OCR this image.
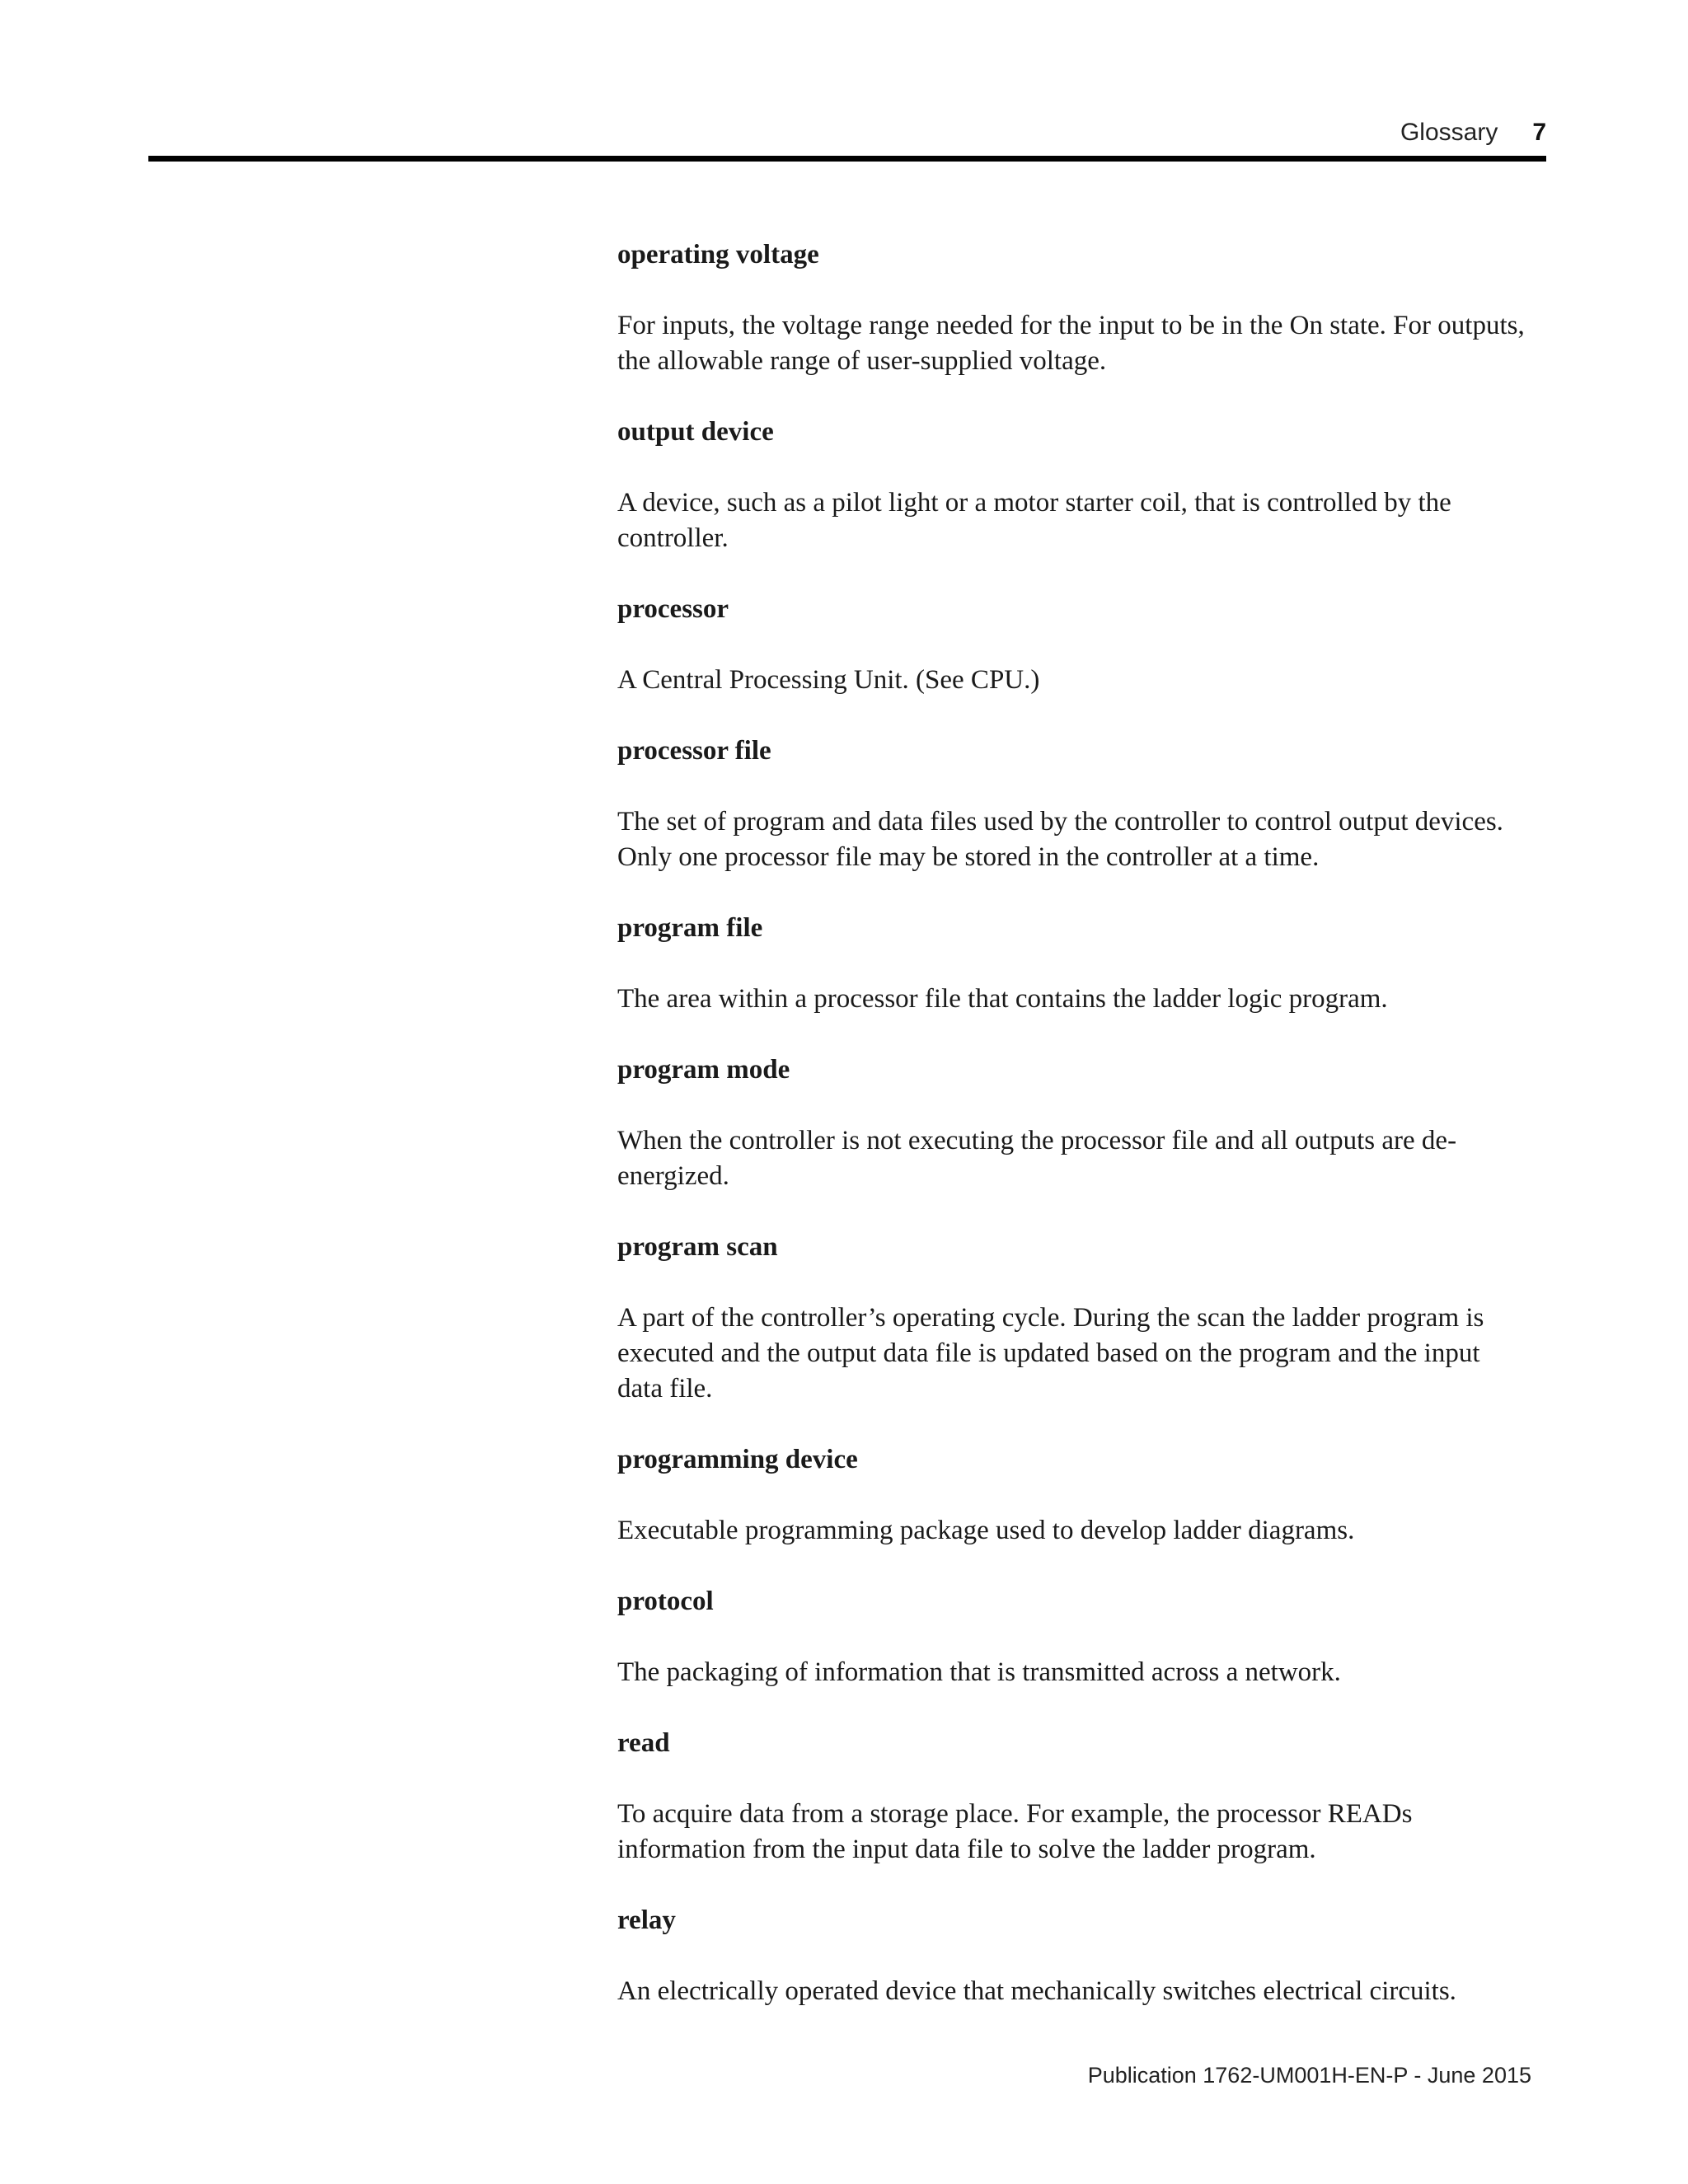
Glossary 7
operating voltage
For inputs, the voltage range needed for the input to be in the On state. For outputs, the allowable range of user-supplied voltage.
output device
A device, such as a pilot light or a motor starter coil, that is controlled by the controller.
processor
A Central Processing Unit. (See CPU.)
processor file
The set of program and data files used by the controller to control output devices. Only one processor file may be stored in the controller at a time.
program file
The area within a processor file that contains the ladder logic program.
program mode
When the controller is not executing the processor file and all outputs are de-energized.
program scan
A part of the controller’s operating cycle. During the scan the ladder program is executed and the output data file is updated based on the program and the input data file.
programming device
Executable programming package used to develop ladder diagrams.
protocol
The packaging of information that is transmitted across a network.
read
To acquire data from a storage place. For example, the processor READs information from the input data file to solve the ladder program.
relay
An electrically operated device that mechanically switches electrical circuits.
Publication 1762-UM001H-EN-P - June 2015
